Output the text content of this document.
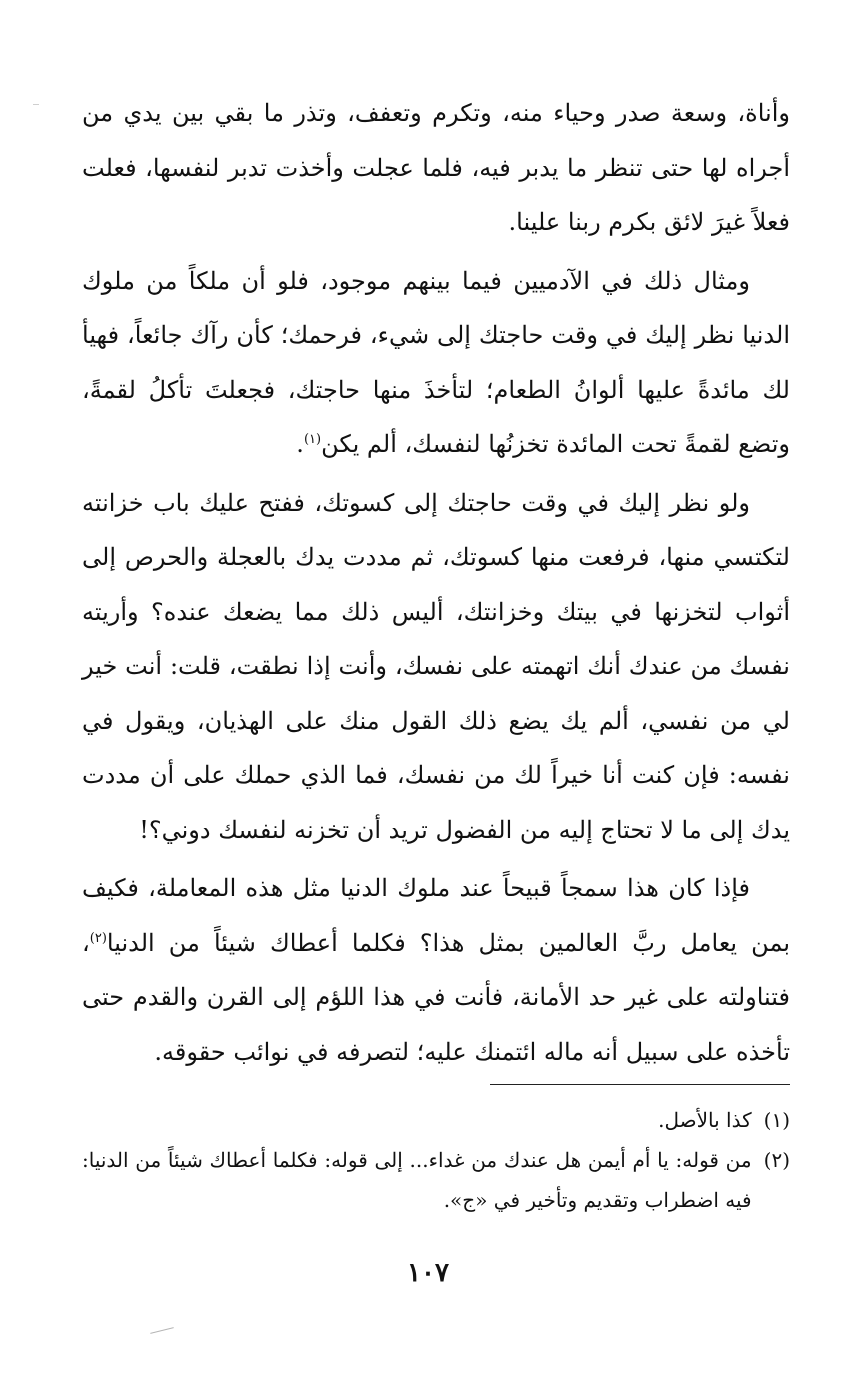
وأناة، وسعة صدر وحياء منه، وتكرم وتعفف، وتذر ما بقي بين يدي من أجراه لها حتى تنظر ما يدبر فيه، فلما عجلت وأخذت تدبر لنفسها، فعلت فعلاً غيرَ لائق بكرم ربنا علينا.

ومثال ذلك في الآدميين فيما بينهم موجود، فلو أن ملكاً من ملوك الدنيا نظر إليك في وقت حاجتك إلى شيء، فرحمك؛ كأن رآك جائعاً، فهيأ لك مائدةً عليها ألوانُ الطعام؛ لتأخذَ منها حاجتك، فجعلتَ تأكلُ لقمةً، وتضع لقمةً تحت المائدة تخزنُها لنفسك، ألم يكن$^{(١)}$.

ولو نظر إليك في وقت حاجتك إلى كسوتك، ففتح عليك باب خزانته لتكتسي منها، فرفعت منها كسوتك، ثم مددت يدك بالعجلة والحرص إلى أثواب لتخزنها في بيتك وخزانتك، أليس ذلك مما يضعك عنده؟ وأريته نفسك من عندك أنك اتهمته على نفسك، وأنت إذا نطقت، قلت: أنت خير لي من نفسي، ألم يك يضع ذلك القول منك على الهذيان، ويقول في نفسه: فإن كنت أنا خيراً لك من نفسك، فما الذي حملك على أن مددت يدك إلى ما لا تحتاج إليه من الفضول تريد أن تخزنه لنفسك دوني؟!

فإذا كان هذا سمجاً قبيحاً عند ملوك الدنيا مثل هذه المعاملة، فكيف بمن يعامل ربَّ العالمين بمثل هذا؟ فكلما أعطاك شيئاً من الدنيا$^{(٢)}$، فتناولته على غير حد الأمانة، فأنت في هذا اللؤم إلى القرن والقدم حتى تأخذه على سبيل أنه ماله ائتمنك عليه؛ لتصرفه في نوائب حقوقه.

(١)
كذا بالأصل.
(٢)
من قوله: يا أم أيمن هل عندك من غداء... إلى قوله: فكلما أعطاك شيئاً من الدنيا: فيه اضطراب وتقديم وتأخير في «ج».
١٠٧
